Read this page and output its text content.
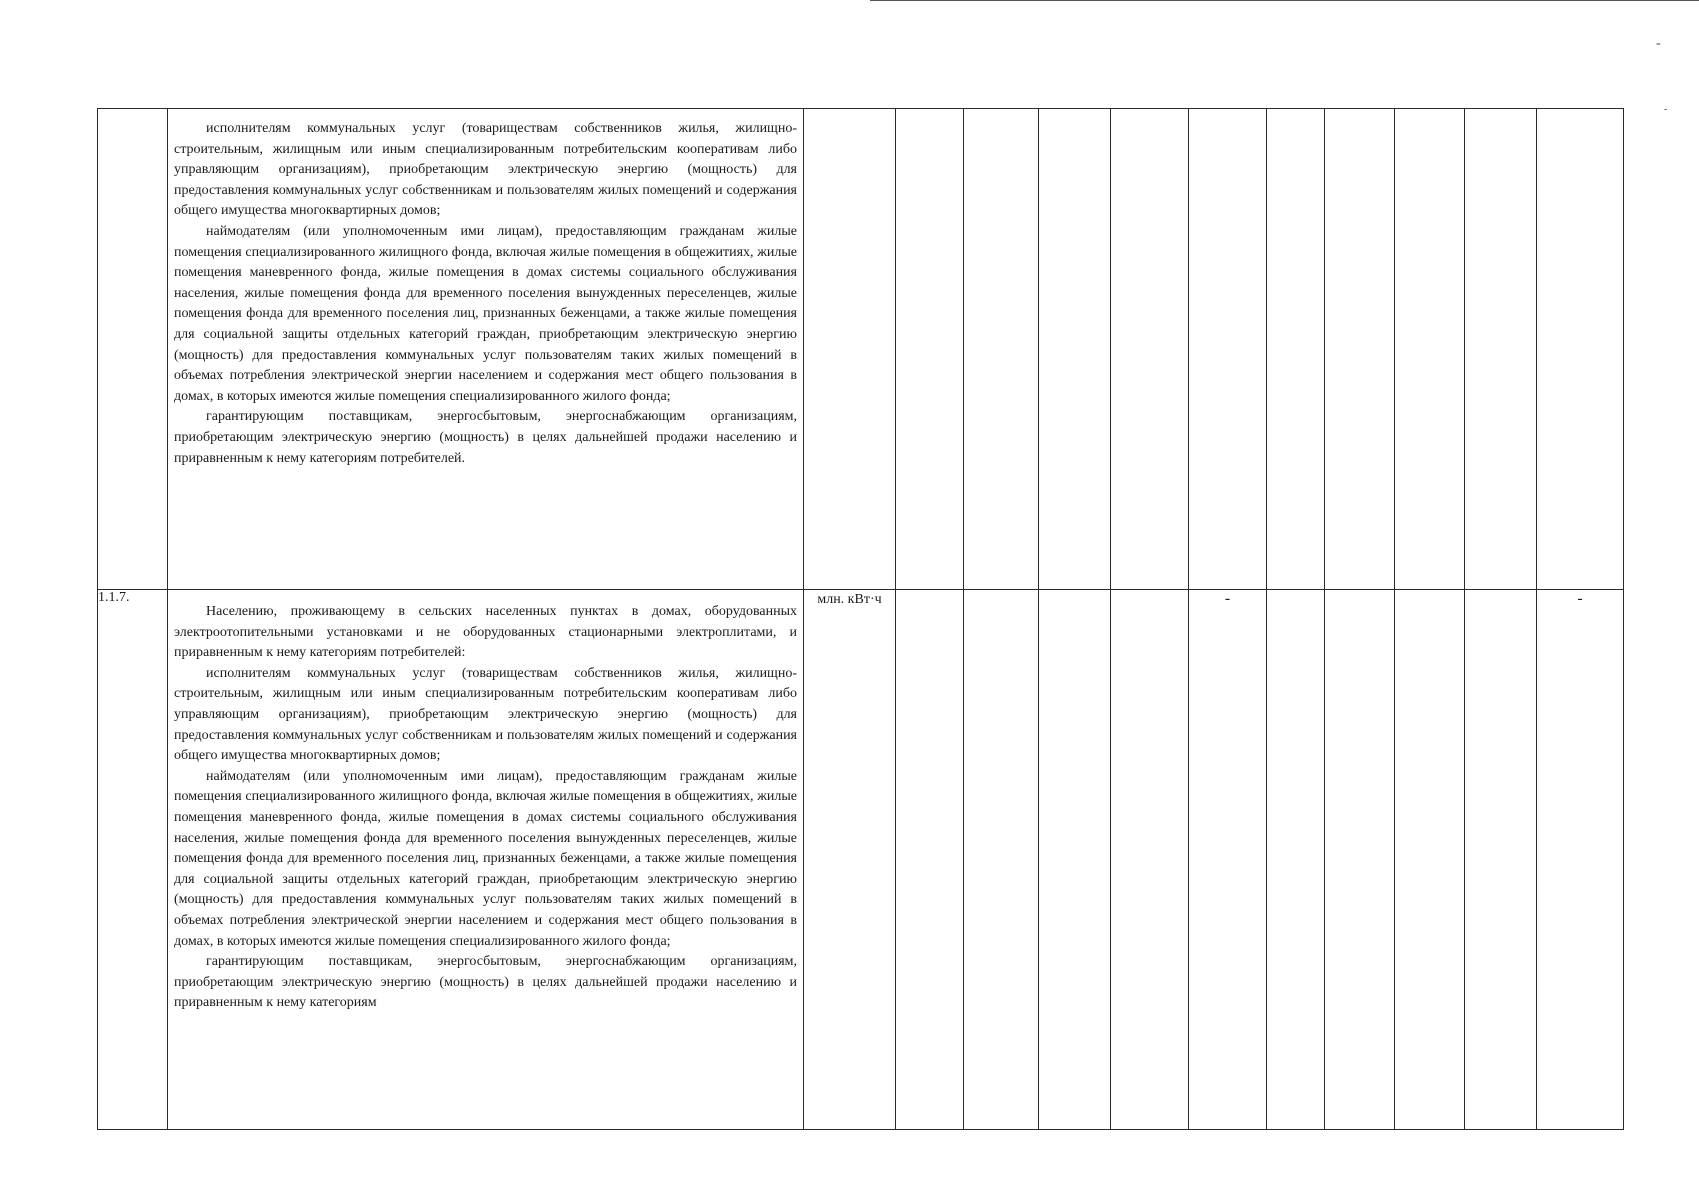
-
-

	исполнителям коммунальных услуг (товариществам собственников жилья, жилищно-строительным, жилищным или иным специализированным потребительским кооперативам либо управляющим организациям), приобретающим электрическую энергию (мощность) для предоставления коммунальных услуг собственникам и пользователям жилых помещений и содержания общего имущества многоквартирных домов;

наймодателям (или уполномоченным ими лицам), предоставляющим гражданам жилые помещения специализированного жилищного фонда, включая жилые помещения в общежитиях, жилые помещения маневренного фонда, жилые помещения в домах системы социального обслуживания населения, жилые помещения фонда для временного поселения вынужденных переселенцев, жилые помещения фонда для временного поселения лиц, признанных беженцами, а также жилые помещения для социальной защиты отдельных категорий граждан, приобретающим электрическую энергию (мощность) для предоставления коммунальных услуг пользователям таких жилых помещений в объемах потребления электрической энергии населением и содержания мест общего пользования в домах, в которых имеются жилые помещения специализированного жилого фонда;

гарантирующим поставщикам, энергосбытовым, энергоснабжающим организациям, приобретающим электрическую энергию (мощность) в целях дальнейшей продажи населению и приравненным к нему категориям потребителей.											

1.1.7.	Населению, проживающему в сельских населенных пунктах в домах, оборудованных электроотопительными установками и не оборудованных стационарными электроплитами, и приравненным к нему категориям потребителей:

исполнителям коммунальных услуг (товариществам собственников жилья, жилищно-строительным, жилищным или иным специализированным потребительским кооперативам либо управляющим организациям), приобретающим электрическую энергию (мощность) для предоставления коммунальных услуг собственникам и пользователям жилых помещений и содержания общего имущества многоквартирных домов;

наймодателям (или уполномоченным ими лицам), предоставляющим гражданам жилые помещения специализированного жилищного фонда, включая жилые помещения в общежитиях, жилые помещения маневренного фонда, жилые помещения в домах системы социального обслуживания населения, жилые помещения фонда для временного поселения вынужденных переселенцев, жилые помещения фонда для временного поселения лиц, признанных беженцами, а также жилые помещения для социальной защиты отдельных категорий граждан, приобретающим электрическую энергию (мощность) для предоставления коммунальных услуг пользователям таких жилых помещений в объемах потребления электрической энергии населением и содержания мест общего пользования в домах, в которых имеются жилые помещения специализированного жилого фонда;

гарантирующим поставщикам, энергосбытовым, энергоснабжающим организациям, приобретающим электрическую энергию (мощность) в целях дальнейшей продажи населению и приравненным к нему категориям	млн. кВт·ч					-					-
